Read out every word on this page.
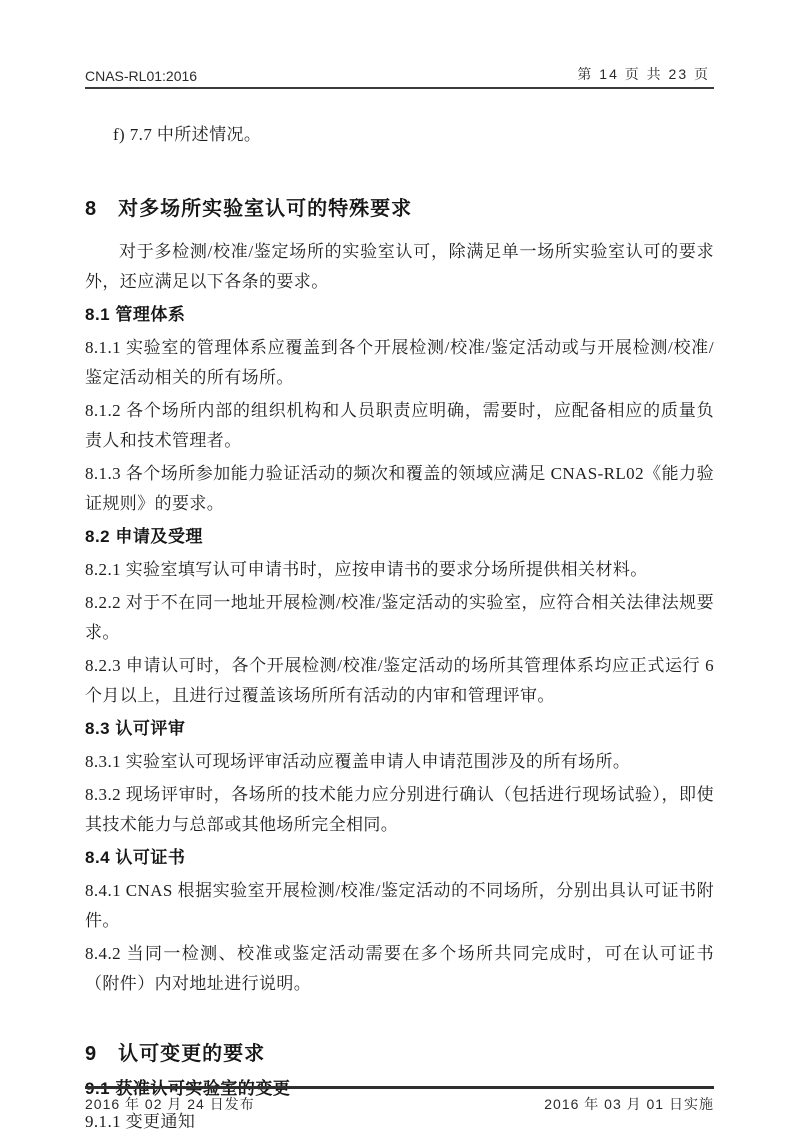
CNAS-RL01:2016	第 14 页 共 23 页

f) 7.7 中所述情况。

8　对多场所实验室认可的特殊要求

对于多检测/校准/鉴定场所的实验室认可，除满足单一场所实验室认可的要求外，还应满足以下各条的要求。

8.1 管理体系

8.1.1 实验室的管理体系应覆盖到各个开展检测/校准/鉴定活动或与开展检测/校准/鉴定活动相关的所有场所。

8.1.2 各个场所内部的组织机构和人员职责应明确，需要时，应配备相应的质量负责人和技术管理者。

8.1.3 各个场所参加能力验证活动的频次和覆盖的领域应满足 CNAS-RL02《能力验证规则》的要求。

8.2 申请及受理

8.2.1 实验室填写认可申请书时，应按申请书的要求分场所提供相关材料。

8.2.2 对于不在同一地址开展检测/校准/鉴定活动的实验室，应符合相关法律法规要求。

8.2.3 申请认可时，各个开展检测/校准/鉴定活动的场所其管理体系均应正式运行 6 个月以上，且进行过覆盖该场所所有活动的内审和管理评审。

8.3 认可评审

8.3.1 实验室认可现场评审活动应覆盖申请人申请范围涉及的所有场所。

8.3.2 现场评审时，各场所的技术能力应分别进行确认（包括进行现场试验），即使其技术能力与总部或其他场所完全相同。

8.4 认可证书

8.4.1 CNAS 根据实验室开展检测/校准/鉴定活动的不同场所，分别出具认可证书附件。

8.4.2 当同一检测、校准或鉴定活动需要在多个场所共同完成时，可在认可证书（附件）内对地址进行说明。

9　认可变更的要求
9.1 获准认可实验室的变更

9.1.1 变更通知

2016 年 02 月 24 日发布	2016 年 03 月 01 日实施
